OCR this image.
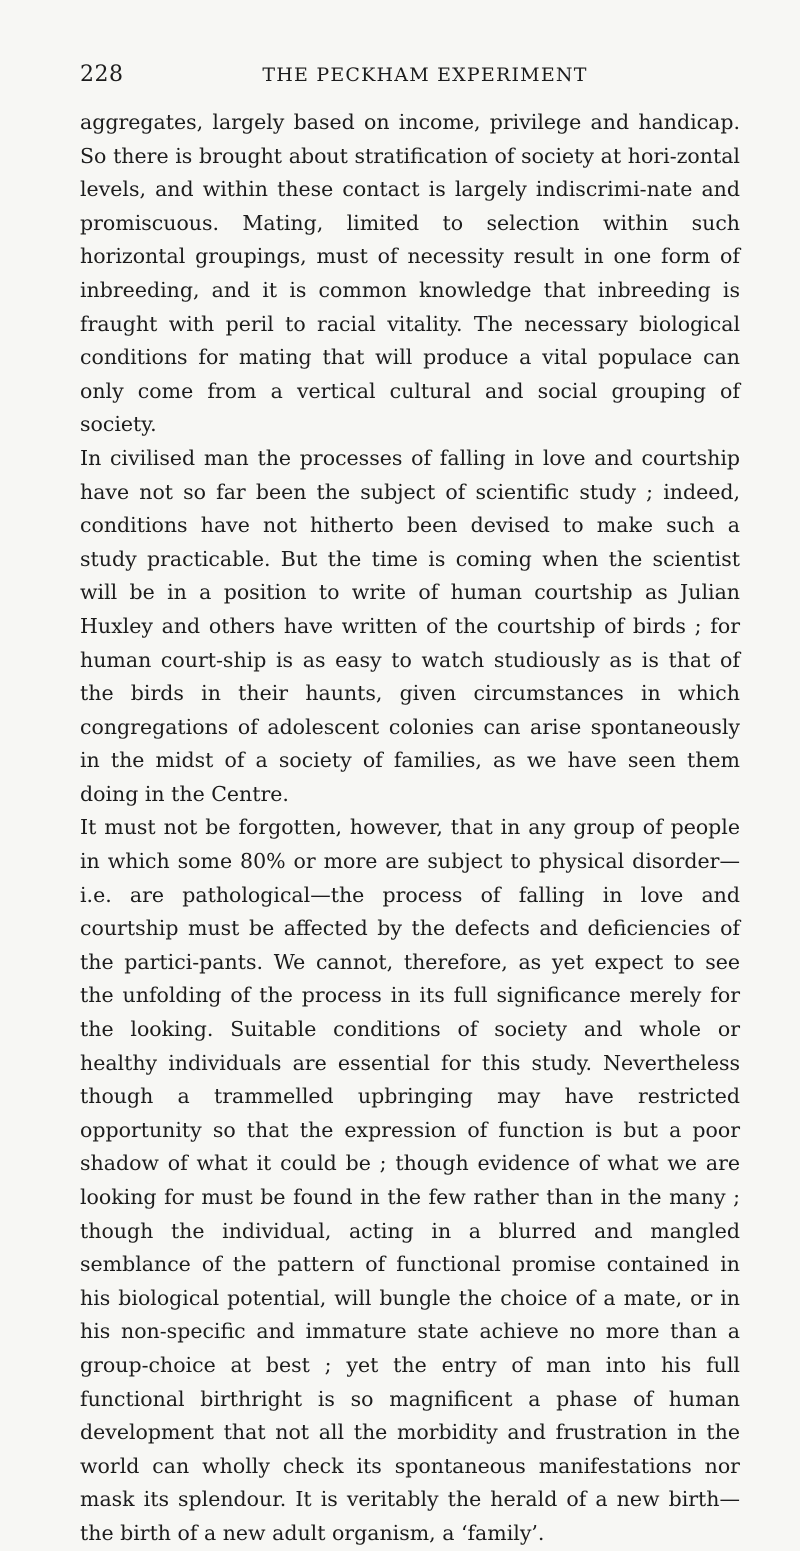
228	THE PECKHAM EXPERIMENT

aggregates, largely based on income, privilege and handicap. So there is brought about stratification of society at hori-zontal levels, and within these contact is largely indiscrimi-nate and promiscuous. Mating, limited to selection within such horizontal groupings, must of necessity result in one form of inbreeding, and it is common knowledge that inbreeding is fraught with peril to racial vitality. The necessary biological conditions for mating that will produce a vital populace can only come from a vertical cultural and social grouping of society.

In civilised man the processes of falling in love and courtship have not so far been the subject of scientific study ; indeed, conditions have not hitherto been devised to make such a study practicable. But the time is coming when the scientist will be in a position to write of human courtship as Julian Huxley and others have written of the courtship of birds ; for human court-ship is as easy to watch studiously as is that of the birds in their haunts, given circumstances in which congregations of adolescent colonies can arise spontaneously in the midst of a society of families, as we have seen them doing in the Centre.

It must not be forgotten, however, that in any group of people in which some 80% or more are subject to physical disorder— i.e. are pathological—the process of falling in love and courtship must be affected by the defects and deficiencies of the partici-pants. We cannot, therefore, as yet expect to see the unfolding of the process in its full significance merely for the looking. Suitable conditions of society and whole or healthy individuals are essential for this study. Nevertheless though a trammelled upbringing may have restricted opportunity so that the expression of function is but a poor shadow of what it could be ; though evidence of what we are looking for must be found in the few rather than in the many ; though the individual, acting in a blurred and mangled semblance of the pattern of functional promise contained in his biological potential, will bungle the choice of a mate, or in his non-specific and immature state achieve no more than a group-choice at best ; yet the entry of man into his full functional birthright is so magnificent a phase of human development that not all the morbidity and frustration in the world can wholly check its spontaneous manifestations nor mask its splendour. It is veritably the herald of a new birth—the birth of a new adult organism, a ‘family’.
